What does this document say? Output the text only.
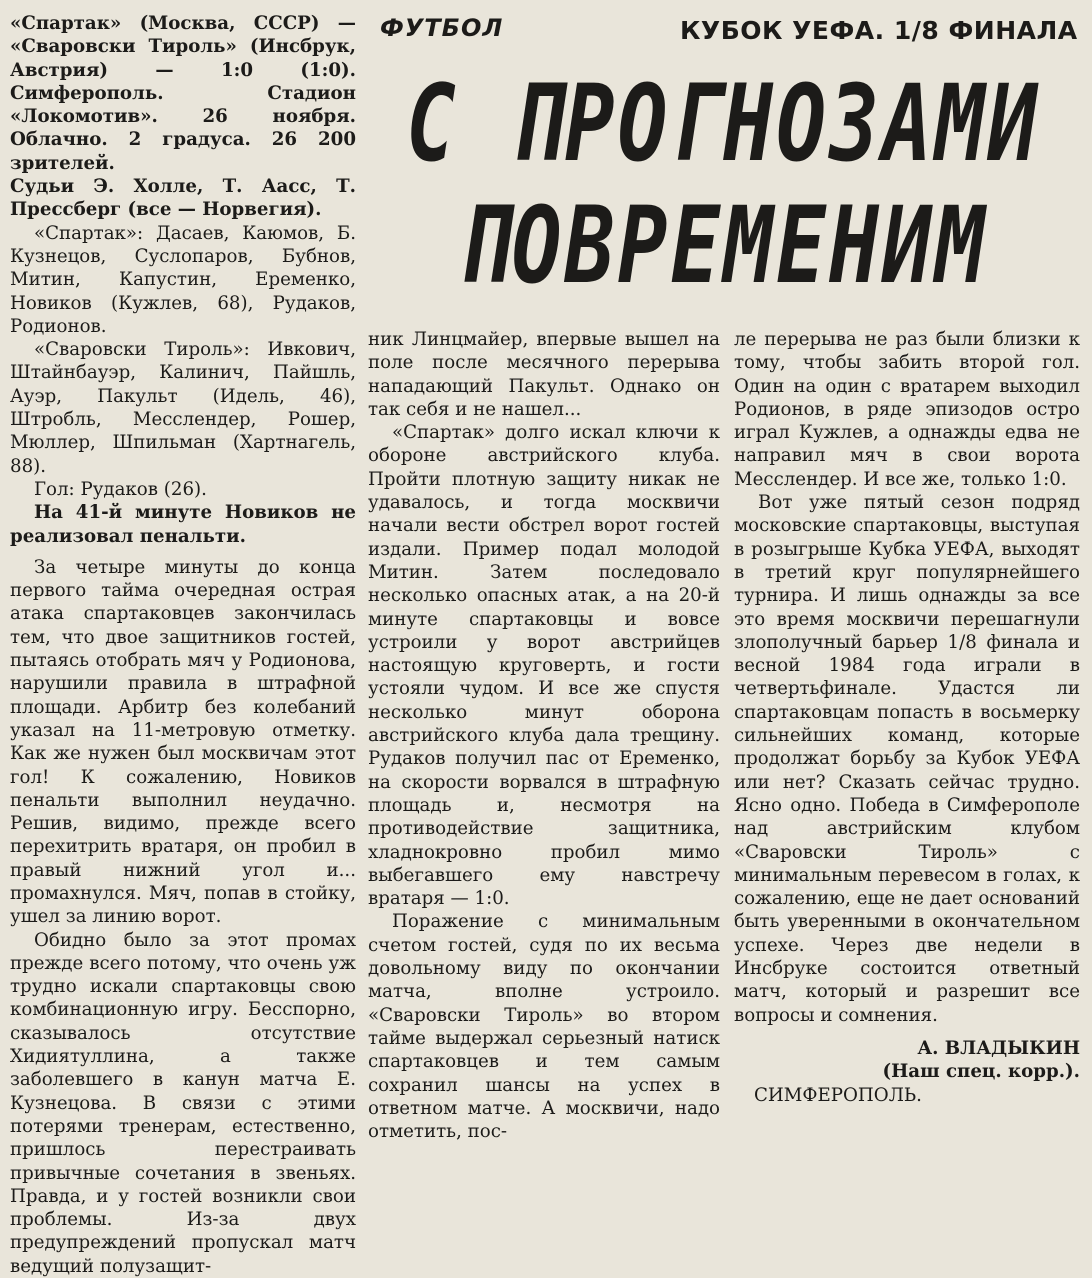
ФУТБОЛ	КУБОК УЕФА. 1/8 ФИНАЛА
С ПРОГНОЗАМИ
ПОВРЕМЕНИМ

«Спартак» (Москва, СССР) — «Сваровски Тироль» (Инсбрук, Австрия) — 1:0 (1:0). Симферополь. Стадион «Локомотив». 26 ноября. Облачно. 2 градуса. 26 200 зрителей.

Судьи Э. Холле, Т. Аасс, Т. Прессберг (все — Норвегия).

«Спартак»: Дасаев, Каюмов, Б. Кузнецов, Суслопаров, Бубнов, Митин, Капустин, Еременко, Новиков (Кужлев, 68), Рудаков, Родионов.

«Сваровски Тироль»: Ивкович, Штайнбауэр, Калинич, Пайшль, Ауэр, Пакульт (Идель, 46), Штробль, Месслендер, Рошер, Мюллер, Шпильман (Хартнагель, 88).

Гол: Рудаков (26).

На 41-й минуте Новиков не реализовал пенальти.

За четыре минуты до конца первого тайма очередная острая атака спартаковцев закончилась тем, что двое защитников гостей, пытаясь отобрать мяч у Родионова, нарушили правила в штрафной площади. Арбитр без колебаний указал на 11-метровую отметку. Как же нужен был москвичам этот гол! К сожалению, Новиков пенальти выполнил неудачно. Решив, видимо, прежде всего перехитрить вратаря, он пробил в правый нижний угол и... промахнулся. Мяч, попав в стойку, ушел за линию ворот.

Обидно было за этот промах прежде всего потому, что очень уж трудно искали спартаковцы свою комбинационную игру. Бесспорно, сказывалось отсутствие Хидиятуллина, а также заболевшего в канун матча Е. Кузнецова. В связи с этими потерями тренерам, естественно, пришлось перестраивать привычные сочетания в звеньях. Правда, и у гостей возникли свои проблемы. Из-за двух предупреждений пропускал матч ведущий полузащит-

ник Линцмайер, впервые вышел на поле после месячного перерыва нападающий Пакульт. Однако он так себя и не нашел...

«Спартак» долго искал ключи к обороне австрийского клуба. Пройти плотную защиту никак не удавалось, и тогда москвичи начали вести обстрел ворот гостей издали. Пример подал молодой Митин. Затем последовало несколько опасных атак, а на 20-й минуте спартаковцы и вовсе устроили у ворот австрийцев настоящую круговерть, и гости устояли чудом. И все же спустя несколько минут оборона австрийского клуба дала трещину. Рудаков получил пас от Еременко, на скорости ворвался в штрафную площадь и, несмотря на противодействие защитника, хладнокровно пробил мимо выбегавшего ему навстречу вратаря — 1:0.

Поражение с минимальным счетом гостей, судя по их весьма довольному виду по окончании матча, вполне устроило. «Сваровски Тироль» во втором тайме выдержал серьезный натиск спартаковцев и тем самым сохранил шансы на успех в ответном матче. А москвичи, надо отметить, пос-

ле перерыва не раз были близки к тому, чтобы забить второй гол. Один на один с вратарем выходил Родионов, в ряде эпизодов остро играл Кужлев, а однажды едва не направил мяч в свои ворота Месслендер. И все же, только 1:0.

Вот уже пятый сезон подряд московские спартаковцы, выступая в розыгрыше Кубка УЕФА, выходят в третий круг популярнейшего турнира. И лишь однажды за все это время москвичи перешагнули злополучный барьер 1/8 финала и весной 1984 года играли в четвертьфинале. Удастся ли спартаковцам попасть в восьмерку сильнейших команд, которые продолжат борьбу за Кубок УЕФА или нет? Сказать сейчас трудно. Ясно одно. Победа в Симферополе над австрийским клубом «Сваровски Тироль» с минимальным перевесом в голах, к сожалению, еще не дает оснований быть уверенными в окончательном успехе. Через две недели в Инсбруке состоится ответный матч, который и разрешит все вопросы и сомнения.

А. ВЛАДЫКИН

(Наш спец. корр.).

СИМФЕРОПОЛЬ.
